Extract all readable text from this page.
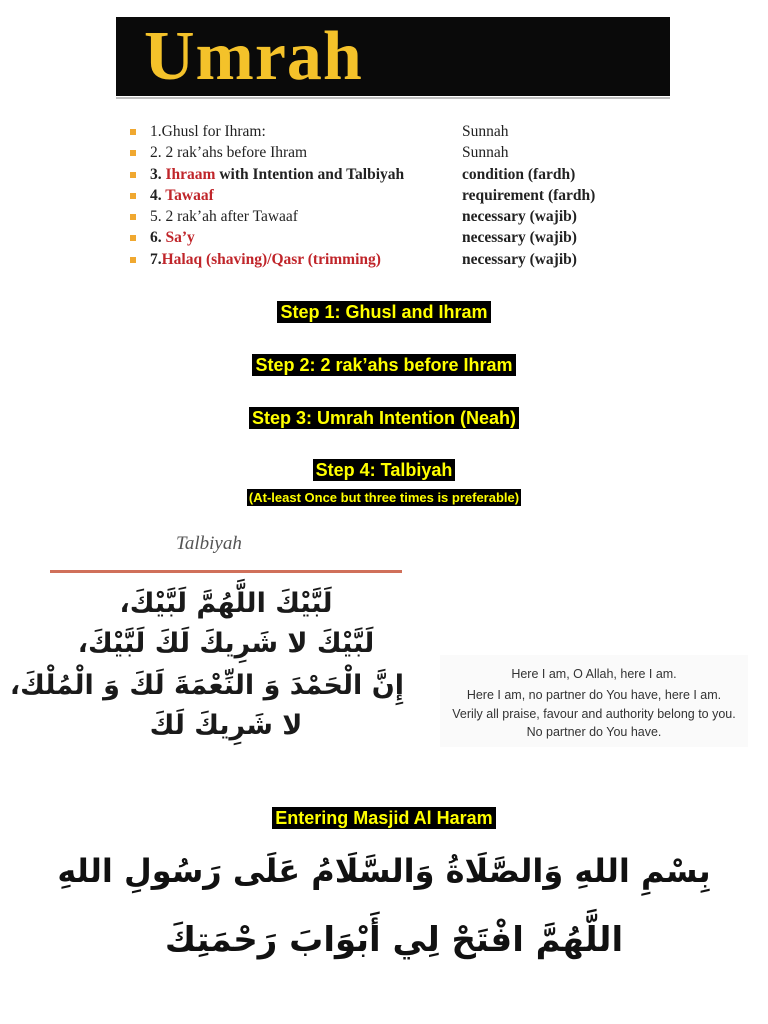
Umrah
1.Ghusl for Ihram:	Sunnah
2. 2 rak’ahs before Ihram	Sunnah
3. Ihraam with Intention and Talbiyah	condition (fardh)
4. Tawaaf	requirement (fardh)
5. 2 rak’ah after Tawaaf	necessary (wajib)
6. Sa’y	necessary (wajib)
7.Halaq (shaving)/Qasr (trimming)	necessary (wajib)
Step 1: Ghusl and Ihram
Step 2: 2 rak’ahs before Ihram
Step 3: Umrah Intention (Neah)
Step 4: Talbiyah
(At-least Once but three times is preferable)
Talbiyah
لَبَّيْكَ اللَّهُمَّ لَبَّيْكَ،
لَبَّيْكَ لا شَرِيكَ لَكَ لَبَّيْكَ،
إِنَّ الْحَمْدَ وَ النِّعْمَةَ لَكَ وَ الْمُلْكَ،
لا شَرِيكَ لَكَ
Here I am, O Allah, here I am.
Here I am, no partner do You have, here I am.
Verily all praise, favour and authority belong to you.
No partner do You have.
Entering Masjid Al Haram
بِسْمِ اللهِ وَالصَّلَاةُ وَالسَّلَامُ عَلَى رَسُولِ اللهِ
اللَّهُمَّ افْتَحْ لِي أَبْوَابَ رَحْمَتِكَ
